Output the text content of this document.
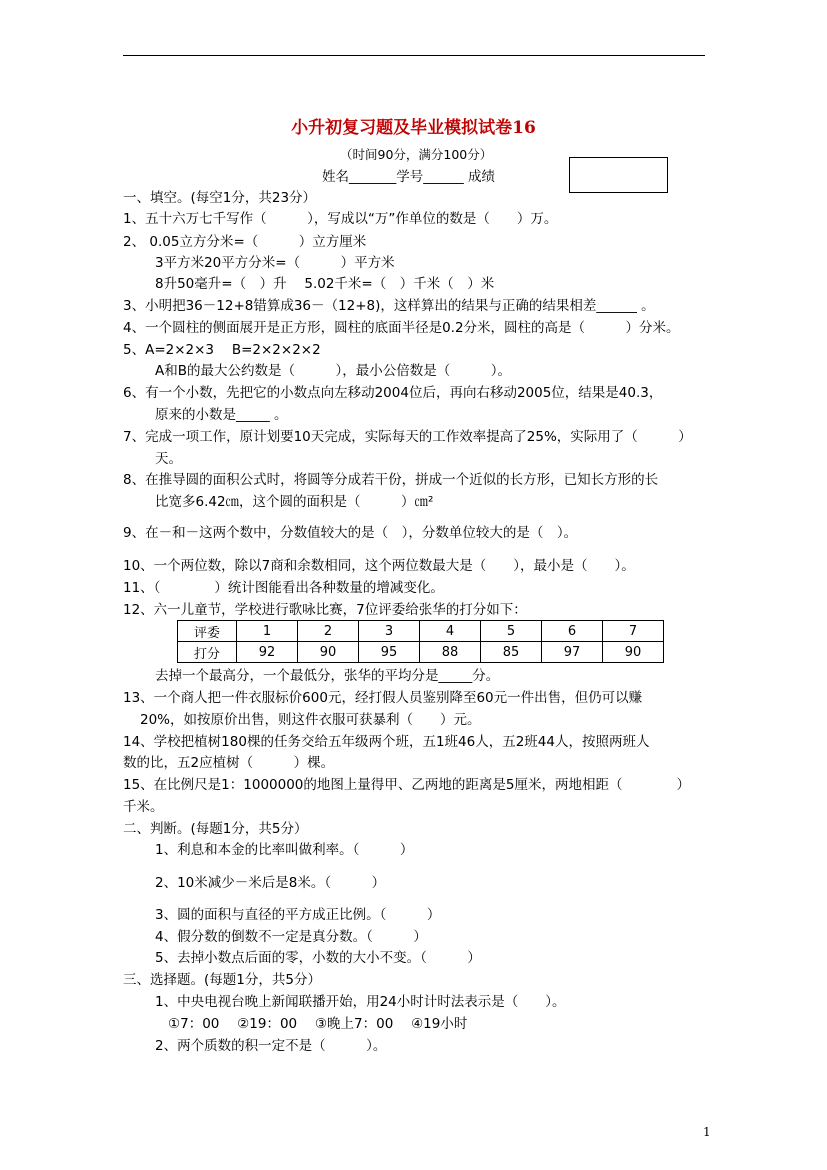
小升初复习题及毕业模拟试卷16
（时间90分，满分100分）
姓名_______学号______ 成绩
一、填空。(每空1分，共23分）
1、五十六万七千写作（　　　），写成以“万”作单位的数是（　　）万。
2、 0.05立方分米=（　　　）立方厘米
3平方米20平方分米=（　　　）平方米
8升50毫升=（　）升　 5.02千米=（　）千米（　）米
3、小明把36－12+8错算成36－（12+8)，这样算出的结果与正确的结果相差______ 。
4、一个圆柱的侧面展开是正方形，圆柱的底面半径是0.2分米，圆柱的高是（　　　）分米。
5、A=2×2×3　 B=2×2×2×2
A和B的最大公约数是（　　　），最小公倍数是（　　　）。
6、有一个小数，先把它的小数点向左移动2004位后，再向右移动2005位，结果是40.3，
原来的小数是_____ 。
7、完成一项工作，原计划要10天完成，实际每天的工作效率提高了25%，实际用了（　　　）
天。
8、在推导圆的面积公式时，将圆等分成若干份，拼成一个近似的长方形，已知长方形的长
比宽多6.42㎝，这个圆的面积是（　　　）㎝²
9、在－和－这两个数中，分数值较大的是（　），分数单位较大的是（　）。
10、一个两位数，除以7商和余数相同，这个两位数最大是（　　），最小是（　　）。
11、（　　　　）统计图能看出各种数量的增减变化。
12、六一儿童节，学校进行歌咏比赛，7位评委给张华的打分如下：
评委	1	2	3	4	5	6	7
打分	92	90	95	88	85	97	90
去掉一个最高分，一个最低分，张华的平均分是_____分。
13、一个商人把一件衣服标价600元，经打假人员鉴别降至60元一件出售，但仍可以赚
20%，如按原价出售，则这件衣服可获暴利（　　）元。
14、学校把植树180棵的任务交给五年级两个班，五1班46人，五2班44人，按照两班人
数的比，五2应植树（　　　）棵。
15、在比例尺是1：1000000的地图上量得甲、乙两地的距离是5厘米，两地相距（　　　　）
千米。
二、判断。(每题1分，共5分）
1、利息和本金的比率叫做利率。（　　　）
2、10米减少－米后是8米。（　　　）
3、圆的面积与直径的平方成正比例。（　　　）
4、假分数的倒数不一定是真分数。（　　　）
5、去掉小数点后面的零，小数的大小不变。（　　　）
三、选择题。(每题1分，共5分）
1、中央电视台晚上新闻联播开始，用24小时计时法表示是（　　）。
①7：00　 ②19：00　 ③晚上7：00　 ④19小时
2、两个质数的积一定不是（　　　）。
1
